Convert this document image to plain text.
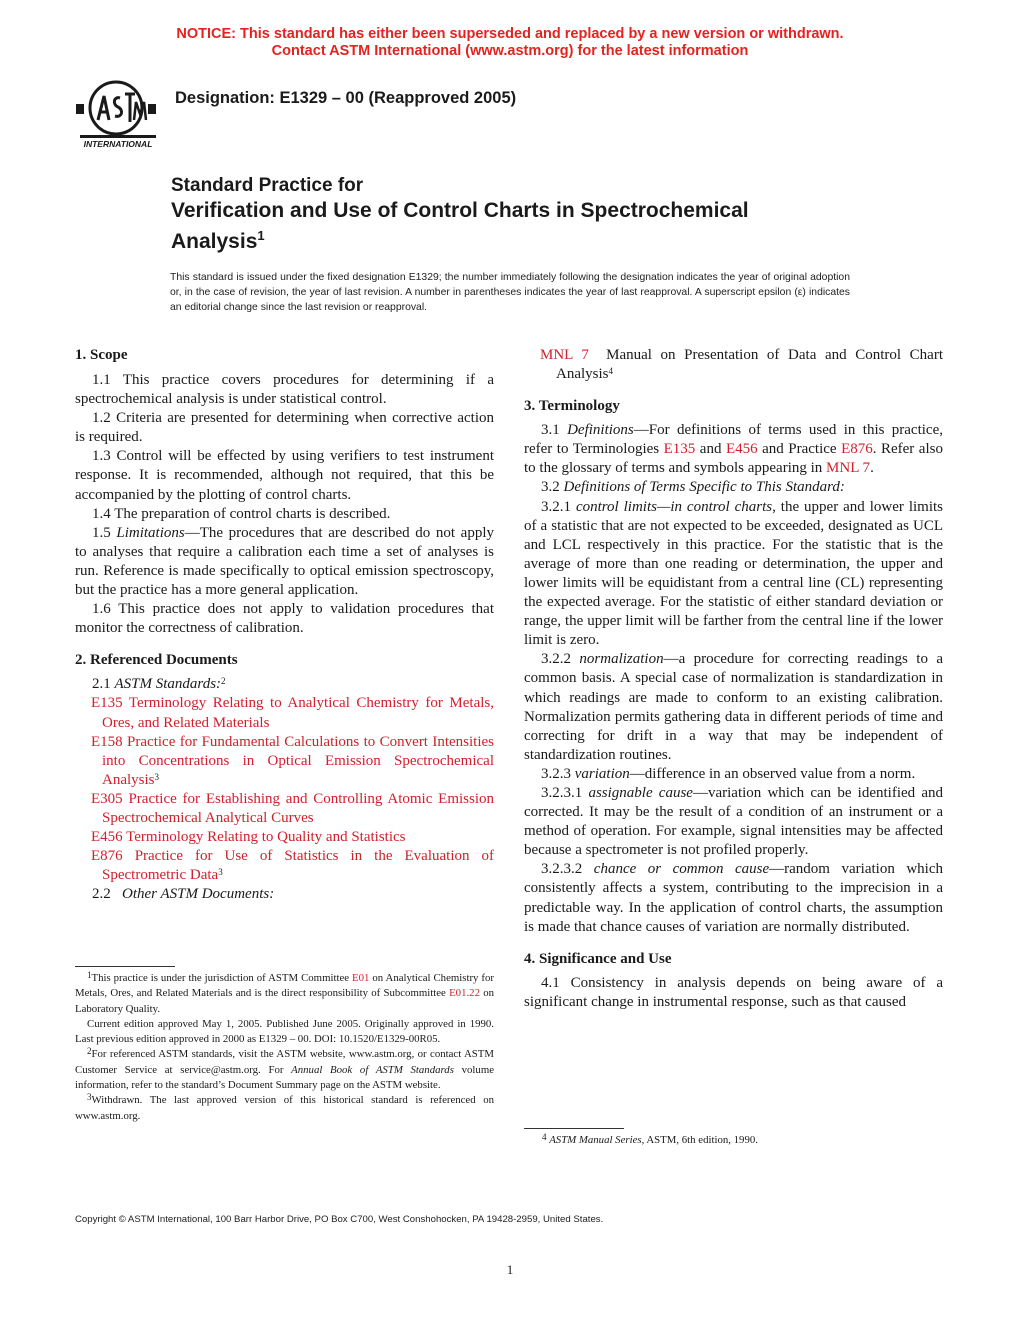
NOTICE: This standard has either been superseded and replaced by a new version or withdrawn.
Contact ASTM International (www.astm.org) for the latest information
INTERNATIONAL
Designation: E1329 – 00 (Reapproved 2005)
Standard Practice for
Verification and Use of Control Charts in Spectrochemical
Analysis$^1$
This standard is issued under the fixed designation E1329; the number immediately following the designation indicates the year of original adoption or, in the case of revision, the year of last revision. A number in parentheses indicates the year of last reapproval. A superscript epsilon (ε) indicates an editorial change since the last revision or reapproval.
1. Scope

1.1 This practice covers procedures for determining if a spectrochemical analysis is under statistical control.

1.2 Criteria are presented for determining when corrective action is required.

1.3 Control will be effected by using verifiers to test instrument response. It is recommended, although not required, that this be accompanied by the plotting of control charts.

1.4 The preparation of control charts is described.

1.5 Limitations—The procedures that are described do not apply to analyses that require a calibration each time a set of analyses is run. Reference is made specifically to optical emission spectroscopy, but the practice has a more general application.

1.6 This practice does not apply to validation procedures that monitor the correctness of calibration.

2. Referenced Documents

2.1 ASTM Standards:$^2$

E135 Terminology Relating to Analytical Chemistry for Metals, Ores, and Related Materials
E158 Practice for Fundamental Calculations to Convert Intensities into Concentrations in Optical Emission Spectrochemical Analysis$^3$
E305 Practice for Establishing and Controlling Atomic Emission Spectrochemical Analytical Curves
E456 Terminology Relating to Quality and Statistics
E876 Practice for Use of Statistics in the Evaluation of Spectrometric Data$^3$

2.2 Other ASTM Documents:

MNL 7 Manual on Presentation of Data and Control Chart Analysis$^4$
3. Terminology

3.1 Definitions—For definitions of terms used in this practice, refer to Terminologies E135 and E456 and Practice E876. Refer also to the glossary of terms and symbols appearing in MNL 7.

3.2 Definitions of Terms Specific to This Standard:

3.2.1 control limits—in control charts, the upper and lower limits of a statistic that are not expected to be exceeded, designated as UCL and LCL respectively in this practice. For the statistic that is the average of more than one reading or determination, the upper and lower limits will be equidistant from a central line (CL) representing the expected average. For the statistic of either standard deviation or range, the upper limit will be farther from the central line if the lower limit is zero.

3.2.2 normalization—a procedure for correcting readings to a common basis. A special case of normalization is standardization in which readings are made to conform to an existing calibration. Normalization permits gathering data in different periods of time and correcting for drift in a way that may be independent of standardization routines.

3.2.3 variation—difference in an observed value from a norm.

3.2.3.1 assignable cause—variation which can be identified and corrected. It may be the result of a condition of an instrument or a method of operation. For example, signal intensities may be affected because a spectrometer is not profiled properly.

3.2.3.2 chance or common cause—random variation which consistently affects a system, contributing to the imprecision in a predictable way. In the application of control charts, the assumption is made that chance causes of variation are normally distributed.

4. Significance and Use

4.1 Consistency in analysis depends on being aware of a significant change in instrumental response, such as that caused

$^1$This practice is under the jurisdiction of ASTM Committee E01 on Analytical Chemistry for Metals, Ores, and Related Materials and is the direct responsibility of Subcommittee E01.22 on Laboratory Quality.

Current edition approved May 1, 2005. Published June 2005. Originally approved in 1990. Last previous edition approved in 2000 as E1329 – 00. DOI: 10.1520/E1329-00R05.

$^2$For referenced ASTM standards, visit the ASTM website, www.astm.org, or contact ASTM Customer Service at service@astm.org. For Annual Book of ASTM Standards volume information, refer to the standard’s Document Summary page on the ASTM website.

$^3$Withdrawn. The last approved version of this historical standard is referenced on www.astm.org.

$^4$ ASTM Manual Series, ASTM, 6th edition, 1990.

Copyright © ASTM International, 100 Barr Harbor Drive, PO Box C700, West Conshohocken, PA 19428-2959, United States.
1
